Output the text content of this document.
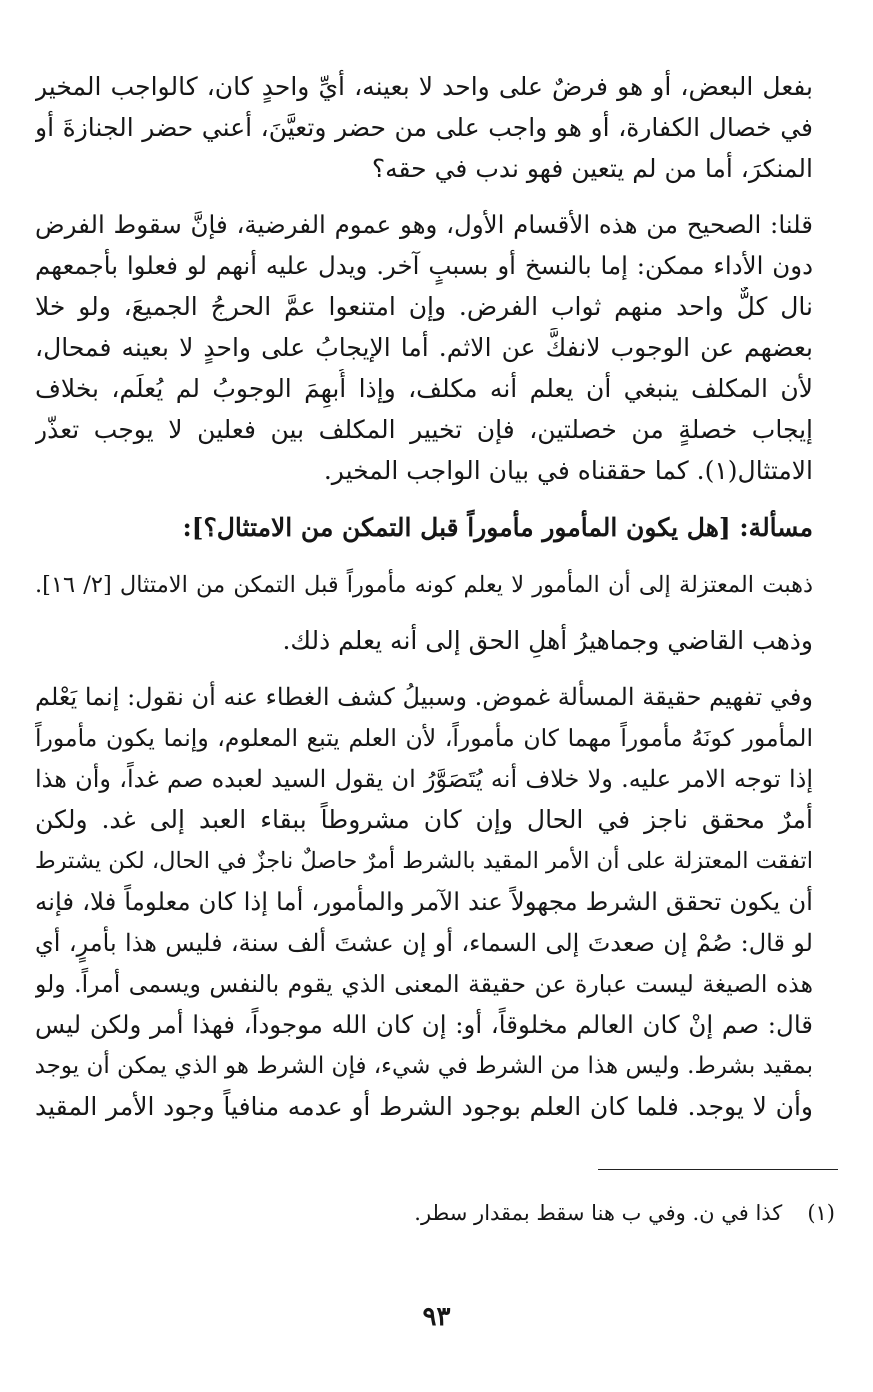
بفعل البعض، أو هو فرضٌ على واحد لا بعينه، أيِّ واحدٍ كان، كالواجب المخير
في خصال الكفارة، أو هو واجب على من حضر وتعيَّنَ، أعني حضر الجنازةَ أو
المنكرَ، أما من لم يتعين فهو ندب في حقه؟
قلنا: الصحيح من هذه الأقسام الأول، وهو عموم الفرضية، فإنَّ سقوط الفرض
دون الأداء ممكن: إما بالنسخ أو بسببٍ آخر. ويدل عليه أنهم لو فعلوا بأجمعهم
نال كلٌّ واحد منهم ثواب الفرض. وإن امتنعوا عمَّ الحرجُ الجميعَ، ولو خلا
بعضهم عن الوجوب لانفكَّ عن الاثم. أما الإيجابُ على واحدٍ لا بعينه فمحال،
لأن المكلف ينبغي أن يعلم أنه مكلف، وإذا أُبهِمَ الوجوبُ لم يُعلَم، بخلاف
إيجاب خصلةٍ من خصلتين، فإن تخيير المكلف بين فعلين لا يوجب تعذّر
الامتثال(١). كما حققناه في بيان الواجب المخير.
مسألة: [هل يكون المأمور مأموراً قبل التمكن من الامتثال؟]:
ذهبت المعتزلة إلى أن المأمور لا يعلم كونه مأموراً قبل التمكن من الامتثال [٢/ ١٦].
وذهب القاضي وجماهيرُ أهلِ الحق إلى أنه يعلم ذلك.
وفي تفهيم حقيقة المسألة غموض. وسبيلُ كشف الغطاء عنه أن نقول: إنما يَعْلم
المأمور كونَهُ مأموراً مهما كان مأموراً، لأن العلم يتبع المعلوم، وإنما يكون مأموراً
إذا توجه الامر عليه. ولا خلاف أنه يُتَصَوَّرُ ان يقول السيد لعبده صم غداً، وأن هذا
أمرٌ محقق ناجز في الحال وإن كان مشروطاً ببقاء العبد إلى غد. ولكن
اتفقت المعتزلة على أن الأمر المقيد بالشرط أمرٌ حاصلٌ ناجزٌ في الحال، لكن يشترط
أن يكون تحقق الشرط مجهولاً عند الآمر والمأمور، أما إذا كان معلوماً فلا، فإنه
لو قال: صُمْ إن صعدتَ إلى السماء، أو إن عشتَ ألف سنة، فليس هذا بأمرٍ، أي
هذه الصيغة ليست عبارة عن حقيقة المعنى الذي يقوم بالنفس ويسمى أمراً. ولو
قال: صم إنْ كان العالم مخلوقاً، أو: إن كان الله موجوداً، فهذا أمر ولكن ليس
بمقيد بشرط. وليس هذا من الشرط في شيء، فإن الشرط هو الذي يمكن أن يوجد
وأن لا يوجد. فلما كان العلم بوجود الشرط أو عدمه منافياً وجود الأمر المقيد
(١) كذا في ن. وفي ب هنا سقط بمقدار سطر.
٩٣
